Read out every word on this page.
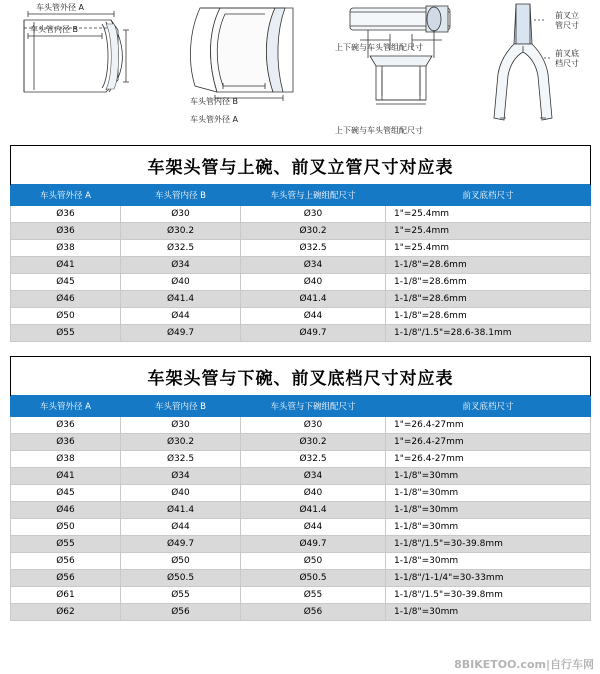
车头管外径 A
车头管内径 B
车头管内径 B
车头管外径 A
上下碗与车头管组配尺寸
上下碗与车头管组配尺寸
前叉立
管尺寸
前叉底
档尺寸
车架头管与上碗、前叉立管尺寸对应表			
车头管外径 A	车头管内径 B	车头管与上碗组配尺寸	前叉底档尺寸
Ø36	Ø30	Ø30	1"=25.4mm
Ø36	Ø30.2	Ø30.2	1"=25.4mm
Ø38	Ø32.5	Ø32.5	1"=25.4mm
Ø41	Ø34	Ø34	1-1/8"=28.6mm
Ø45	Ø40	Ø40	1-1/8"=28.6mm
Ø46	Ø41.4	Ø41.4	1-1/8"=28.6mm
Ø50	Ø44	Ø44	1-1/8"=28.6mm
Ø55	Ø49.7	Ø49.7	1-1/8"/1.5"=28.6-38.1mm
车架头管与下碗、前叉底档尺寸对应表			
车头管外径 A	车头管内径 B	车头管与下碗组配尺寸	前叉底档尺寸
Ø36	Ø30	Ø30	1"=26.4-27mm
Ø36	Ø30.2	Ø30.2	1"=26.4-27mm
Ø38	Ø32.5	Ø32.5	1"=26.4-27mm
Ø41	Ø34	Ø34	1-1/8"=30mm
Ø45	Ø40	Ø40	1-1/8"=30mm
Ø46	Ø41.4	Ø41.4	1-1/8"=30mm
Ø50	Ø44	Ø44	1-1/8"=30mm
Ø55	Ø49.7	Ø49.7	1-1/8"/1.5"=30-39.8mm
Ø56	Ø50	Ø50	1-1/8"=30mm
Ø56	Ø50.5	Ø50.5	1-1/8"/1-1/4"=30-33mm
Ø61	Ø55	Ø55	1-1/8"/1.5"=30-39.8mm
Ø62	Ø56	Ø56	1-1/8"=30mm
8BIKETOO.com|自行车网
